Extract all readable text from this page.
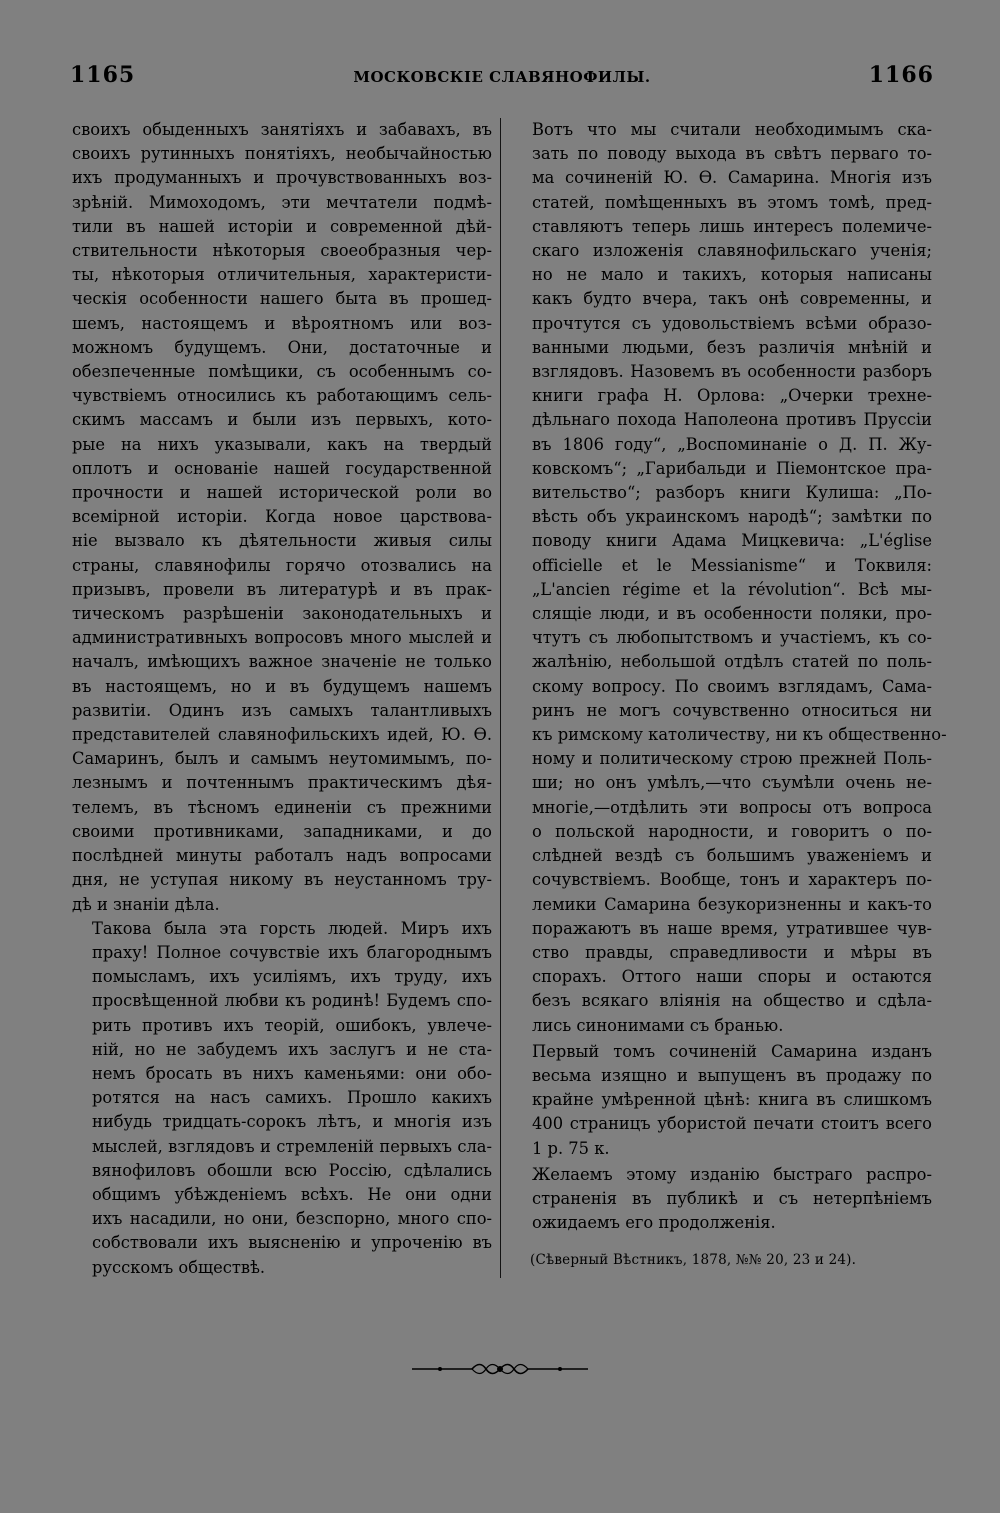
1165	МОСКОВСКІЕ СЛАВЯНОФИЛЫ.	1166

своихъ обыденныхъ занятіяхъ и забавахъ, въ
своихъ рутинныхъ понятіяхъ, необычайностью
ихъ продуманныхъ и прочувствованныхъ воз-
зрѣній. Мимоходомъ, эти мечтатели подмѣ-
тили въ нашей исторіи и современной дѣй-
ствительности нѣкоторыя своеобразныя чер-
ты, нѣкоторыя отличительныя, характеристи-
ческія особенности нашего быта въ прошед-
шемъ, настоящемъ и вѣроятномъ или воз-
можномъ будущемъ. Они, достаточные и
обезпеченные помѣщики, съ особеннымъ со-
чувствіемъ относились къ работающимъ сель-
скимъ массамъ и были изъ первыхъ, кото-
рые на нихъ указывали, какъ на твердый
оплотъ и основаніе нашей государственной
прочности и нашей исторической роли во
всемірной исторіи. Когда новое царствова-
ніе вызвало къ дѣятельности живыя силы
страны, славянофилы горячо отозвались на
призывъ, провели въ литературѣ и въ прак-
тическомъ разрѣшеніи законодательныхъ и
административныхъ вопросовъ много мыслей и
началъ, имѣющихъ важное значеніе не только
въ настоящемъ, но и въ будущемъ нашемъ
развитіи. Одинъ изъ самыхъ талантливыхъ
представителей славянофильскихъ идей, Ю. Ѳ.
Самаринъ, былъ и самымъ неутомимымъ, по-
лезнымъ и почтеннымъ практическимъ дѣя-
телемъ, въ тѣсномъ единеніи съ прежними
своими противниками, западниками, и до
послѣдней минуты работалъ надъ вопросами
дня, не уступая никому въ неустанномъ тру-
дѣ и знаніи дѣла.

Такова была эта горсть людей. Миръ ихъ
праху! Полное сочувствіе ихъ благороднымъ
помысламъ, ихъ усиліямъ, ихъ труду, ихъ
просвѣщенной любви къ родинѣ! Будемъ спо-
рить противъ ихъ теорій, ошибокъ, увлече-
ній, но не забудемъ ихъ заслугъ и не ста-
немъ бросать въ нихъ каменьями: они обо-
ротятся на насъ самихъ. Прошло какихъ
нибудь тридцать-сорокъ лѣтъ, и многія изъ
мыслей, взглядовъ и стремленій первыхъ сла-
вянофиловъ обошли всю Россію, сдѣлались
общимъ убѣжденіемъ всѣхъ. Не они одни
ихъ насадили, но они, безспорно, много спо-
собствовали ихъ выясненію и упроченію въ
русскомъ обществѣ.

Вотъ что мы считали необходимымъ ска-
зать по поводу выхода въ свѣтъ перваго то-
ма сочиненій Ю. Ѳ. Самарина. Многія изъ
статей, помѣщенныхъ въ этомъ томѣ, пред-
ставляютъ теперь лишь интересъ полемиче-
скаго изложенія славянофильскаго ученія;
но не мало и такихъ, которыя написаны
какъ будто вчера, такъ онѣ современны, и
прочтутся съ удовольствіемъ всѣми образо-
ванными людьми, безъ различія мнѣній и
взглядовъ. Назовемъ въ особенности разборъ
книги графа Н. Орлова: „Очерки трехне-
дѣльнаго похода Наполеона противъ Пруссіи
въ 1806 году“, „Воспоминаніе о Д. П. Жу-
ковскомъ“; „Гарибальди и Піемонтское пра-
вительство“; разборъ книги Кулиша: „По-
вѣсть объ украинскомъ народѣ“; замѣтки по
поводу книги Адама Мицкевича: „L'église
officielle et le Messianisme“ и Токвиля:
„L'ancien régime et la révolution“. Всѣ мы-
слящіе люди, и въ особенности поляки, про-
чтутъ съ любопытствомъ и участіемъ, къ со-
жалѣнію, небольшой отдѣлъ статей по поль-
скому вопросу. По своимъ взглядамъ, Сама-
ринъ не могъ сочувственно относиться ни
къ римскому католичеству, ни къ общественно-
ному и политическому строю прежней Поль-
ши; но онъ умѣлъ,—что съумѣли очень не-
многіе,—отдѣлить эти вопросы отъ вопроса
о польской народности, и говоритъ о по-
слѣдней вездѣ съ большимъ уваженіемъ и
сочувствіемъ. Вообще, тонъ и характеръ по-
лемики Самарина безукоризненны и какъ-то
поражаютъ въ наше время, утратившее чув-
ство правды, справедливости и мѣры въ
спорахъ. Оттого наши споры и остаются
безъ всякаго вліянія на общество и сдѣла-
лись синонимами съ бранью.

Первый томъ сочиненій Самарина изданъ
весьма изящно и выпущенъ въ продажу по
крайне умѣренной цѣнѣ: книга въ слишкомъ
400 страницъ убористой печати стоитъ всего
1 р. 75 к.

Желаемъ этому изданію быстраго распро-
страненія въ публикѣ и съ нетерпѣніемъ
ожидаемъ его продолженія.

(Сѣверный Вѣстникъ, 1878, №№ 20, 23 и 24).
